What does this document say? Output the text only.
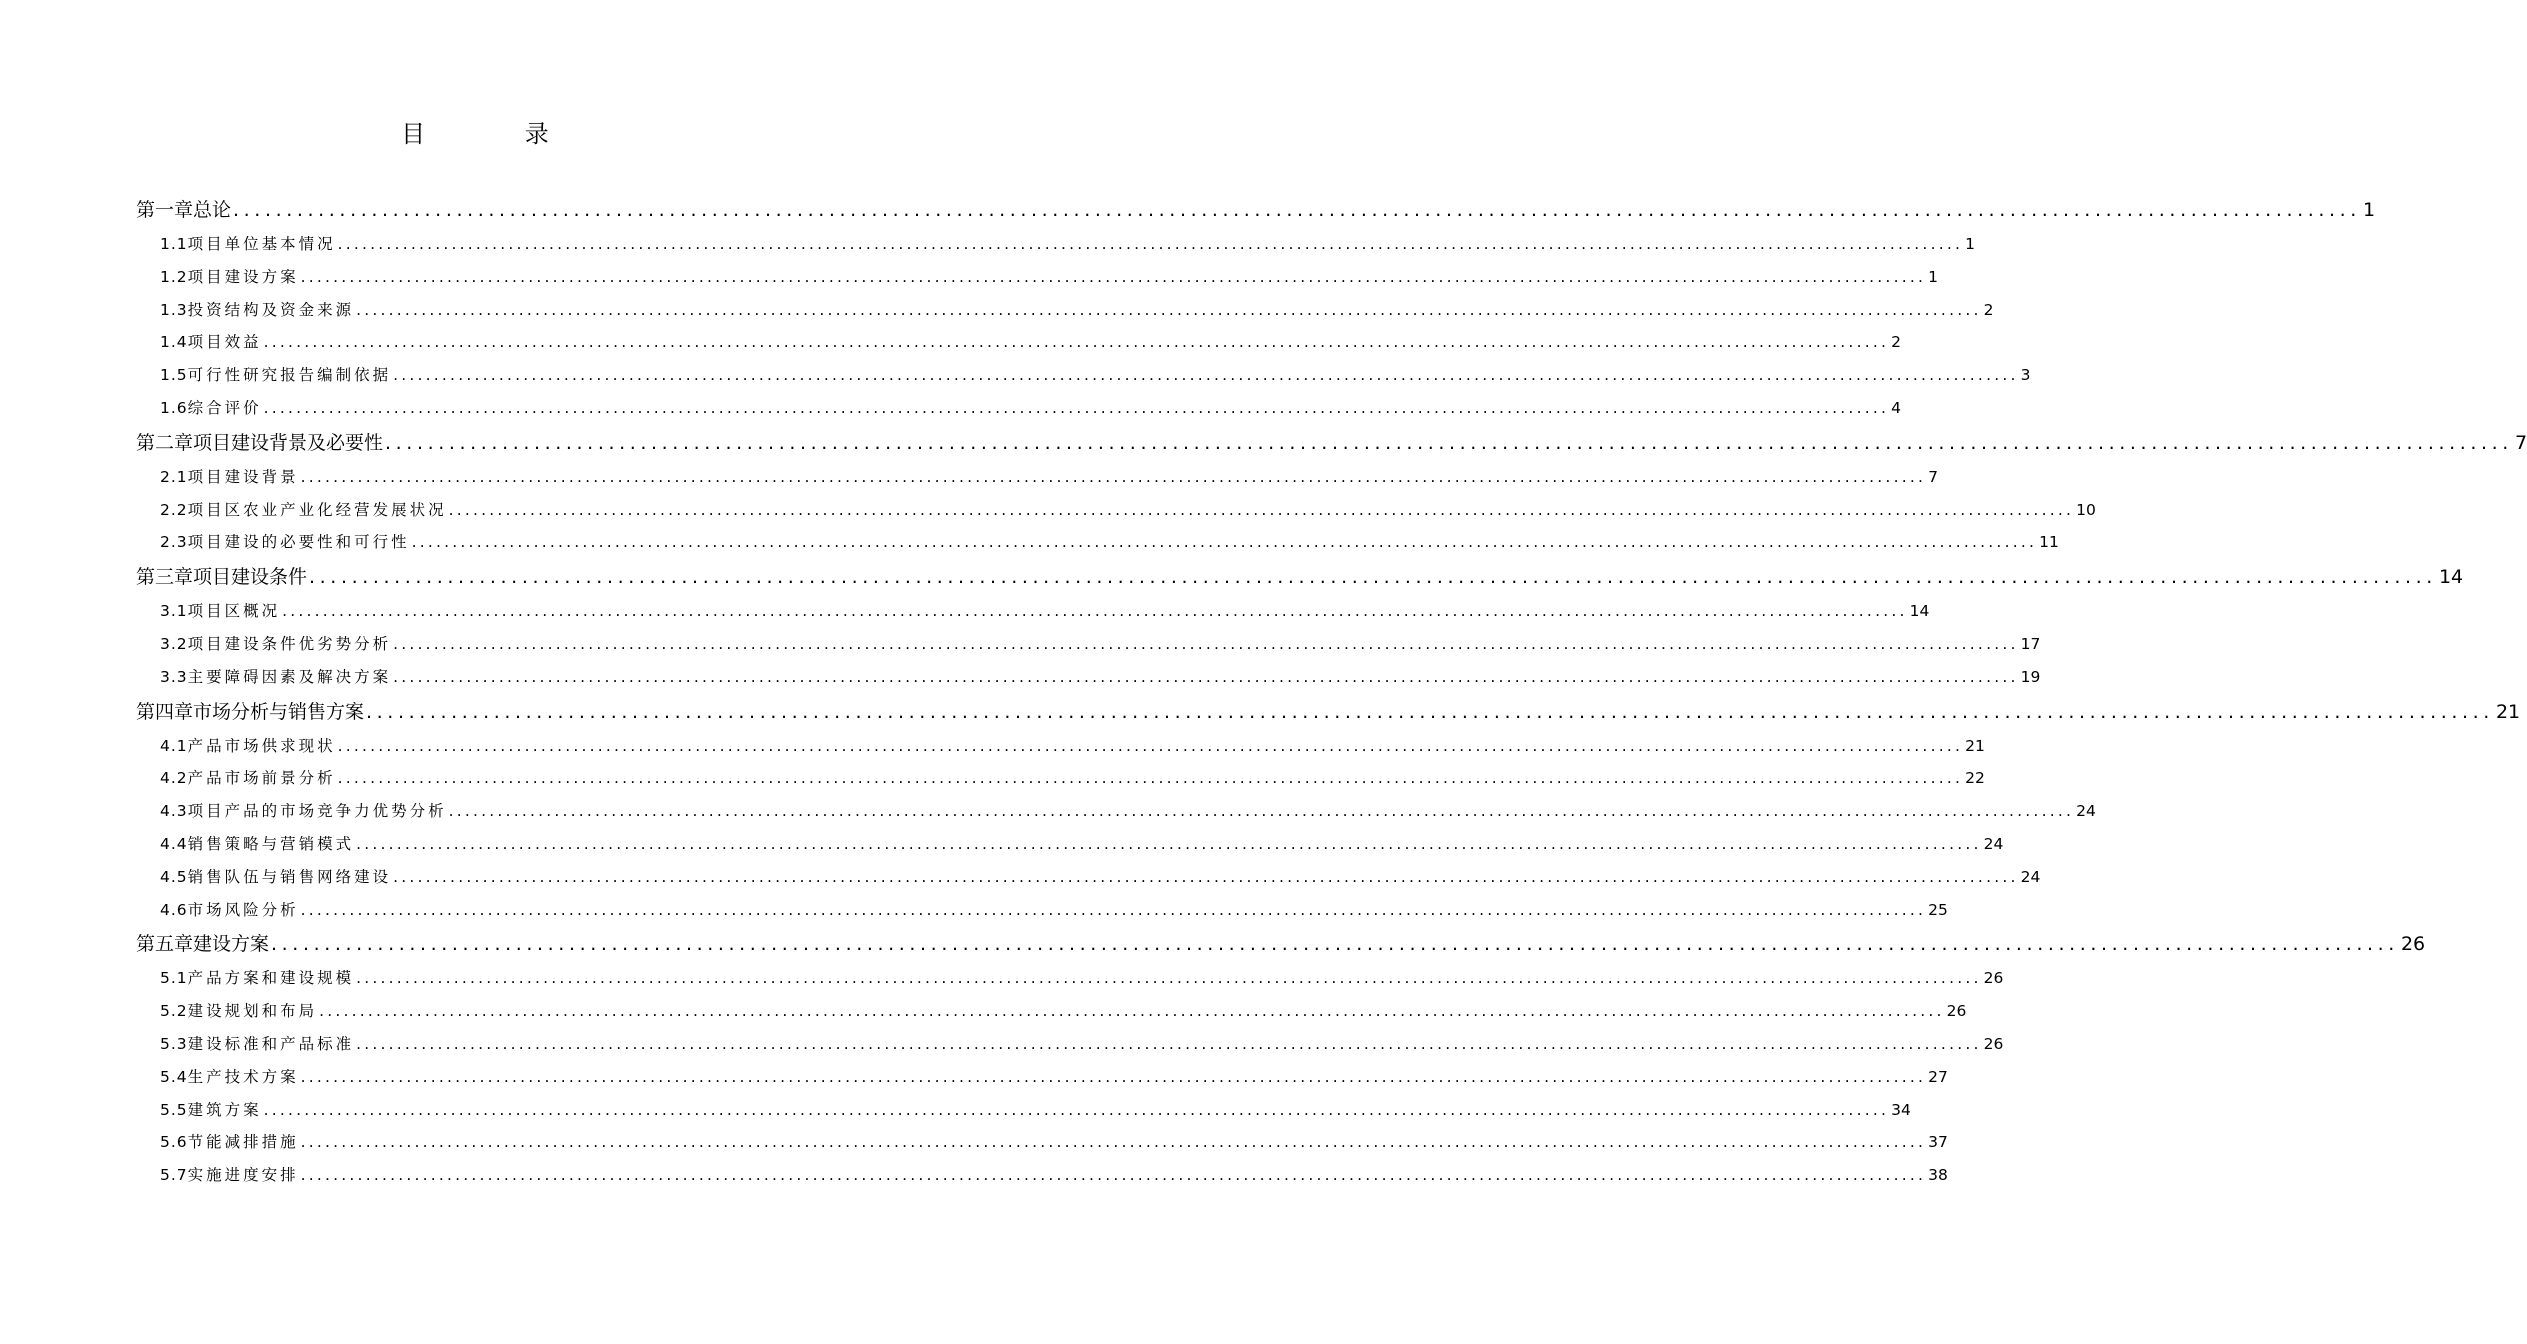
目 录
第一章 总论 ........................................................................................................................................................................................................ 1
1.1 项目单位基本情况 ........................................................................................................................................................................................................ 1
1.2 项目建设方案 ........................................................................................................................................................................................................ 1
1.3 投资结构及资金来源 ........................................................................................................................................................................................................ 2
1.4 项目效益 ........................................................................................................................................................................................................ 2
1.5 可行性研究报告编制依据 ........................................................................................................................................................................................................ 3
1.6 综合评价 ........................................................................................................................................................................................................ 4
第二章 项目建设背景及必要性 ........................................................................................................................................................................................................ 7
2.1 项目建设背景 ........................................................................................................................................................................................................ 7
2.2 项目区农业产业化经营发展状况 ........................................................................................................................................................................................................ 10
2.3 项目建设的必要性和可行性 ........................................................................................................................................................................................................ 11
第三章 项目建设条件 ........................................................................................................................................................................................................ 14
3.1 项目区概况 ........................................................................................................................................................................................................ 14
3.2 项目建设条件优劣势分析 ........................................................................................................................................................................................................ 17
3.3 主要障碍因素及解决方案 ........................................................................................................................................................................................................ 19
第四章 市场分析与销售方案 ........................................................................................................................................................................................................ 21
4.1 产品市场供求现状 ........................................................................................................................................................................................................ 21
4.2 产品市场前景分析 ........................................................................................................................................................................................................ 22
4.3 项目产品的市场竞争力优势分析 ........................................................................................................................................................................................................ 24
4.4 销售策略与营销模式 ........................................................................................................................................................................................................ 24
4.5 销售队伍与销售网络建设 ........................................................................................................................................................................................................ 24
4.6 市场风险分析 ........................................................................................................................................................................................................ 25
第五章 建设方案 ........................................................................................................................................................................................................ 26
5.1 产品方案和建设规模 ........................................................................................................................................................................................................ 26
5.2 建设规划和布局 ........................................................................................................................................................................................................ 26
5.3 建设标准和产品标准 ........................................................................................................................................................................................................ 26
5.4 生产技术方案 ........................................................................................................................................................................................................ 27
5.5 建筑方案 ........................................................................................................................................................................................................ 34
5.6 节能减排措施 ........................................................................................................................................................................................................ 37
5.7 实施进度安排 ........................................................................................................................................................................................................ 38
